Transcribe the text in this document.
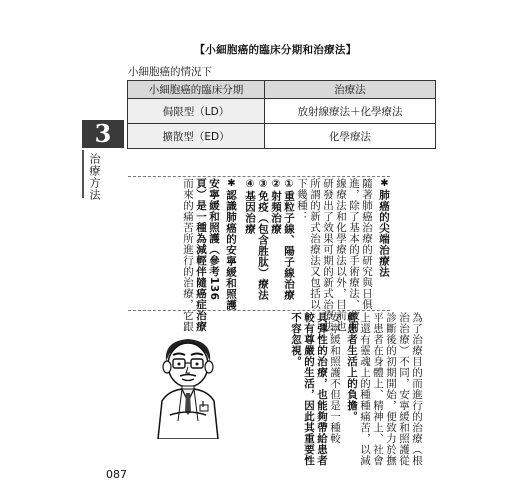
【小細胞癌的臨床分期和治療法】
小細胞癌的情況下
小細胞癌的臨床分期	治療法
侷限型（LD）	放射線療法＋化學療法
擴散型（ED）	化學療法
3
治療方法	✱肺癌的尖端治療法
隨著肺癌治療的研究與日俱
進，除了基本的手術療法、放射
線療法和化學療法以外，目前也
研發出了效果可期的新式治療法。
所謂的新式治療法又包括以
下幾種：
①重粒子線、陽子線治療
②射頻治療
③免疫（包含胜肽）療法
④基因治療
✱認識肺癌的安寧緩和照護
安寧緩和照護（參考136
頁）是一種為減輕伴隨癌症治療
而來的痛苦所進行的治療，它跟
為了治療目的而進行的治療（根
治治療）不同，安寧緩和照護從
診斷後的初期開始，便致力於撫
平患者在身體上、精神上、社會
上還有靈魂上的種種痛苦，以減
輕患者生活上的負擔。
安寧緩和照護不但是一種較
具彈性的治療，也能夠帶給患者
較有尊嚴的生活，因此其重要性
不容忽視。
087
